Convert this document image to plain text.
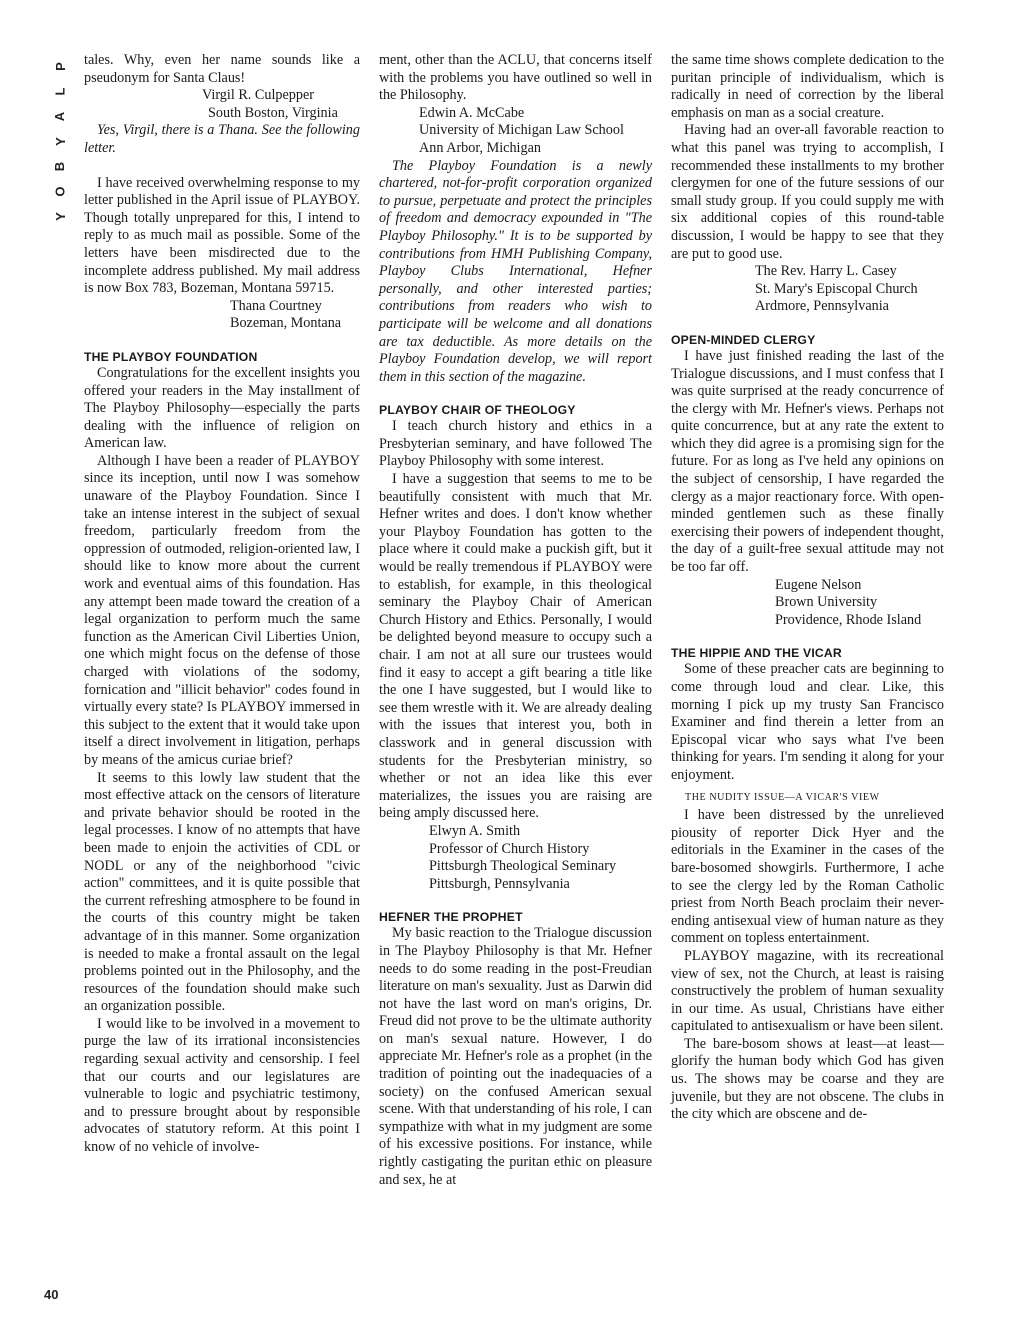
P
L
A
Y
B
O
Y
40

tales. Why, even her name sounds like a pseudonym for Santa Claus!

Virgil R. Culpepper
South Boston, Virginia

Yes, Virgil, there is a Thana. See the following letter.

I have received overwhelming response to my letter published in the April issue of PLAYBOY. Though totally unprepared for this, I intend to reply to as much mail as possible. Some of the letters have been misdirected due to the incomplete address published. My mail address is now Box 783, Bozeman, Montana 59715.

Thana Courtney
Bozeman, Montana
THE PLAYBOY FOUNDATION

Congratulations for the excellent insights you offered your readers in the May installment of The Playboy Philosophy—especially the parts dealing with the influence of religion on American law.

Although I have been a reader of PLAYBOY since its inception, until now I was somehow unaware of the Playboy Foundation. Since I take an intense interest in the subject of sexual freedom, particularly freedom from the oppression of outmoded, religion-oriented law, I should like to know more about the current work and eventual aims of this foundation. Has any attempt been made toward the creation of a legal organization to perform much the same function as the American Civil Liberties Union, one which might focus on the defense of those charged with violations of the sodomy, fornication and "illicit behavior" codes found in virtually every state? Is PLAYBOY immersed in this subject to the extent that it would take upon itself a direct involvement in litigation, perhaps by means of the amicus curiae brief?

It seems to this lowly law student that the most effective attack on the censors of literature and private behavior should be rooted in the legal processes. I know of no attempts that have been made to enjoin the activities of CDL or NODL or any of the neighborhood "civic action" committees, and it is quite possible that the current refreshing atmosphere to be found in the courts of this country might be taken advantage of in this manner. Some organization is needed to make a frontal assault on the legal problems pointed out in the Philosophy, and the resources of the foundation should make such an organization possible.

I would like to be involved in a movement to purge the law of its irrational inconsistencies regarding sexual activity and censorship. I feel that our courts and our legislatures are vulnerable to logic and psychiatric testimony, and to pressure brought about by responsible advocates of statutory reform. At this point I know of no vehicle of involve-

ment, other than the ACLU, that concerns itself with the problems you have outlined so well in the Philosophy.

Edwin A. McCabe
University of Michigan Law School
Ann Arbor, Michigan

The Playboy Foundation is a newly chartered, not-for-profit corporation organized to pursue, perpetuate and protect the principles of freedom and democracy expounded in "The Playboy Philosophy." It is to be supported by contributions from HMH Publishing Company, Playboy Clubs International, Hefner personally, and other interested parties; contributions from readers who wish to participate will be welcome and all donations are tax deductible. As more details on the Playboy Foundation develop, we will report them in this section of the magazine.

PLAYBOY CHAIR OF THEOLOGY

I teach church history and ethics in a Presbyterian seminary, and have followed The Playboy Philosophy with some interest.

I have a suggestion that seems to me to be beautifully consistent with much that Mr. Hefner writes and does. I don't know whether your Playboy Foundation has gotten to the place where it could make a puckish gift, but it would be really tremendous if PLAYBOY were to establish, for example, in this theological seminary the Playboy Chair of American Church History and Ethics. Personally, I would be delighted beyond measure to occupy such a chair. I am not at all sure our trustees would find it easy to accept a gift bearing a title like the one I have suggested, but I would like to see them wrestle with it. We are already dealing with the issues that interest you, both in classwork and in general discussion with students for the Presbyterian ministry, so whether or not an idea like this ever materializes, the issues you are raising are being amply discussed here.

Elwyn A. Smith
Professor of Church History
Pittsburgh Theological Seminary
Pittsburgh, Pennsylvania
HEFNER THE PROPHET

My basic reaction to the Trialogue discussion in The Playboy Philosophy is that Mr. Hefner needs to do some reading in the post-Freudian literature on man's sexuality. Just as Darwin did not have the last word on man's origins, Dr. Freud did not prove to be the ultimate authority on man's sexual nature. However, I do appreciate Mr. Hefner's role as a prophet (in the tradition of pointing out the inadequacies of a society) on the confused American sexual scene. With that understanding of his role, I can sympathize with what in my judgment are some of his excessive positions. For instance, while rightly castigating the puritan ethic on pleasure and sex, he at

the same time shows complete dedication to the puritan principle of individualism, which is radically in need of correction by the liberal emphasis on man as a social creature.

Having had an over-all favorable reaction to what this panel was trying to accomplish, I recommended these installments to my brother clergymen for one of the future sessions of our small study group. If you could supply me with six additional copies of this round-table discussion, I would be happy to see that they are put to good use.

The Rev. Harry L. Casey
St. Mary's Episcopal Church
Ardmore, Pennsylvania
OPEN-MINDED CLERGY

I have just finished reading the last of the Trialogue discussions, and I must confess that I was quite surprised at the ready concurrence of the clergy with Mr. Hefner's views. Perhaps not quite concurrence, but at any rate the extent to which they did agree is a promising sign for the future. For as long as I've held any opinions on the subject of censorship, I have regarded the clergy as a major reactionary force. With open-minded gentlemen such as these finally exercising their powers of independent thought, the day of a guilt-free sexual attitude may not be too far off.

Eugene Nelson
Brown University
Providence, Rhode Island
THE HIPPIE AND THE VICAR

Some of these preacher cats are beginning to come through loud and clear. Like, this morning I pick up my trusty San Francisco Examiner and find therein a letter from an Episcopal vicar who says what I've been thinking for years. I'm sending it along for your enjoyment.

THE NUDITY ISSUE—A VICAR'S VIEW

I have been distressed by the unrelieved piousity of reporter Dick Hyer and the editorials in the Examiner in the cases of the bare-bosomed showgirls. Furthermore, I ache to see the clergy led by the Roman Catholic priest from North Beach proclaim their never-ending antisexual view of human nature as they comment on topless entertainment.

PLAYBOY magazine, with its recreational view of sex, not the Church, at least is raising constructively the problem of human sexuality in our time. As usual, Christians have either capitulated to antisexualism or have been silent.

The bare-bosom shows at least—at least—glorify the human body which God has given us. The shows may be coarse and they are juvenile, but they are not obscene. The clubs in the city which are obscene and de-
